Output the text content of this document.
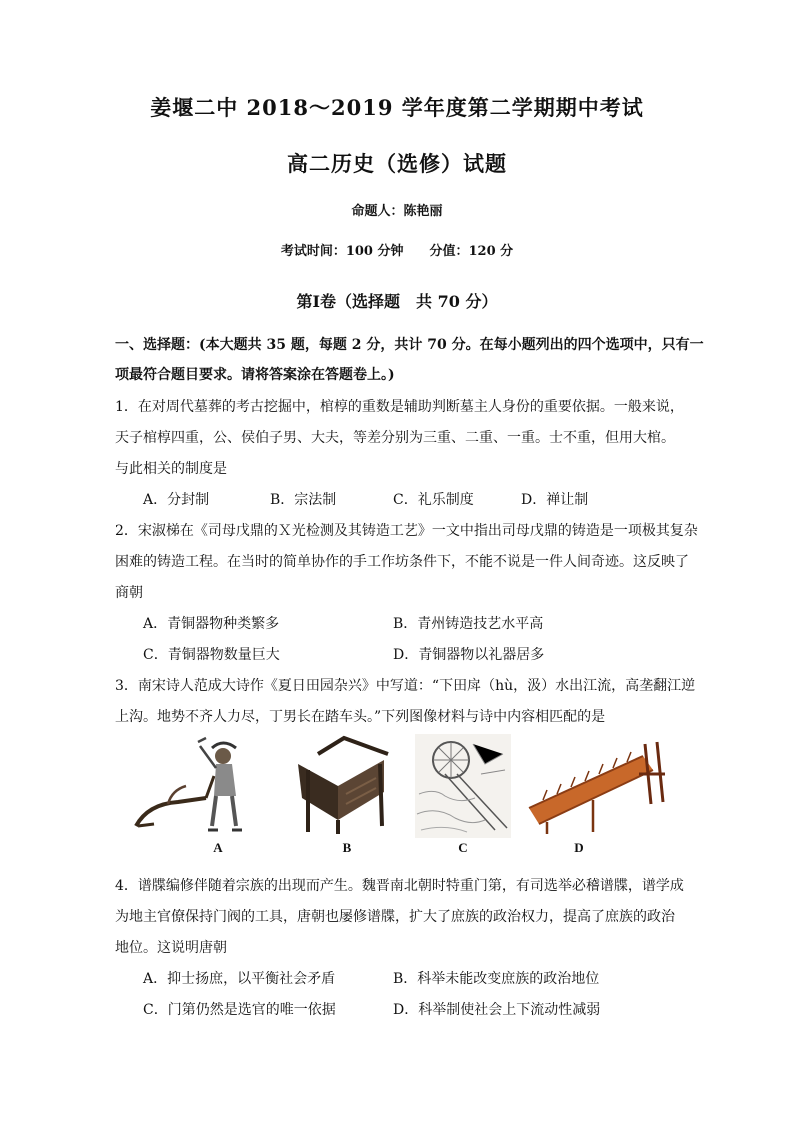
姜堰二中 2018～2019 学年度第二学期期中考试
高二历史（选修）试题
命题人：陈艳丽
考试时间：100 分钟 分值：120 分
第Ⅰ卷（选择题　共 70 分）
一、选择题：(本大题共 35 题，每题 2 分，共计 70 分。在每小题列出的四个选项中，只有一
项最符合题目要求。请将答案涂在答题卷上。)
1．在对周代墓葬的考古挖掘中，棺椁的重数是辅助判断墓主人身份的重要依据。一般来说，
天子棺椁四重，公、侯伯子男、大夫，等差分别为三重、二重、一重。士不重，但用大棺。
与此相关的制度是
A．分封制	B．宗法制	C．礼乐制度	D．禅让制
2．宋淑梯在《司母戊鼎的Ｘ光检测及其铸造工艺》一文中指出司母戊鼎的铸造是一项极其复杂
困难的铸造工程。在当时的简单协作的手工作坊条件下，不能不说是一件人间奇迹。这反映了
商朝
A．青铜器物种类繁多	B．青州铸造技艺水平高
C．青铜器物数量巨大	D．青铜器物以礼器居多
3．南宋诗人范成大诗作《夏日田园杂兴》中写道：“下田戽（hù，汲）水出江流，高垄翻江逆
上沟。地势不齐人力尽，丁男长在踏车头。”下列图像材料与诗中内容相匹配的是
A	B	C	D
4．谱牒编修伴随着宗族的出现而产生。魏晋南北朝时特重门第，有司选举必稽谱牒，谱学成
为地主官僚保持门阀的工具，唐朝也屡修谱牒，扩大了庶族的政治权力，提高了庶族的政治
地位。这说明唐朝
A．抑士扬庶，以平衡社会矛盾	B．科举未能改变庶族的政治地位
C．门第仍然是选官的唯一依据	D．科举制使社会上下流动性减弱
